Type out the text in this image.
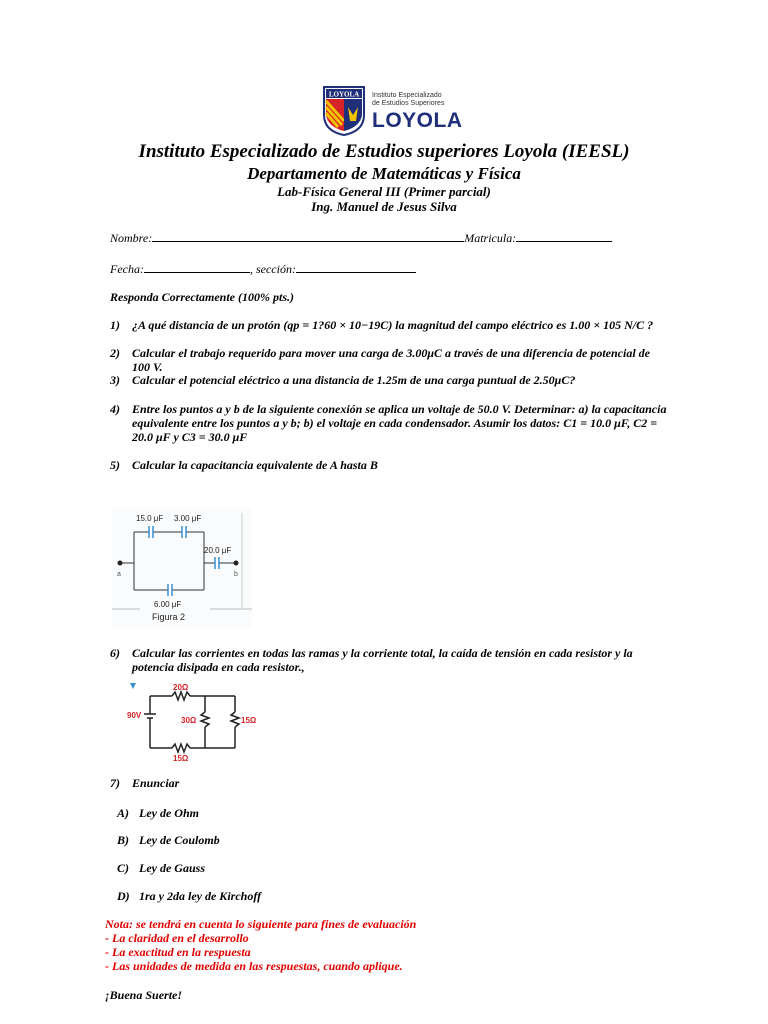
LOYOLA Instituto Especializado
de Estudios Superiores
LOYOLA
Instituto Especializado de Estudios superiores Loyola (IEESL)
Departamento de Matemáticas y Física
Lab-Física General III (Primer parcial)
Ing. Manuel de Jesus Silva
Nombre:	Matricula:
Fecha:	, sección:
Responda Correctamente (100% pts.)
1)	¿A qué distancia de un protón (qp = 1?60 × 10−19C) la magnitud del campo eléctrico es 1.00 × 105 N/C ?
2)	Calcular el trabajo requerido para mover una carga de 3.00μC a través de una diferencia de potencial de 100 V.
3)	Calcular el potencial eléctrico a una distancia de 1.25m de una carga puntual de 2.50μC?
4)	Entre los puntos a y b de la siguiente conexión se aplica un voltaje de 50.0 V. Determinar: a) la capacitancia equivalente entre los puntos a y b; b) el voltaje en cada condensador. Asumir los datos: C1 = 10.0 μF, C2 = 20.0 μF y C3 = 30.0 μF
5)	Calcular la capacitancia equivalente de A hasta B
15.0 μF 3.00 μF
20.0 μF
6.00 μF
a	b
Figura 2
6)	Calcular las corrientes en todas las ramas y la corriente total, la caída de tensión en cada resistor y la potencia disipada en cada resistor.,
20Ω
30Ω	15Ω
15Ω
90V
7)	Enunciar
A) Ley de Ohm
B) Ley de Coulomb
C) Ley de Gauss
D) 1ra y 2da ley de Kirchoff
Nota: se tendrá en cuenta lo siguiente para fines de evaluación
- La claridad en el desarrollo
- La exactitud en la respuesta
- Las unidades de medida en las respuestas, cuando aplique.
¡Buena Suerte!
